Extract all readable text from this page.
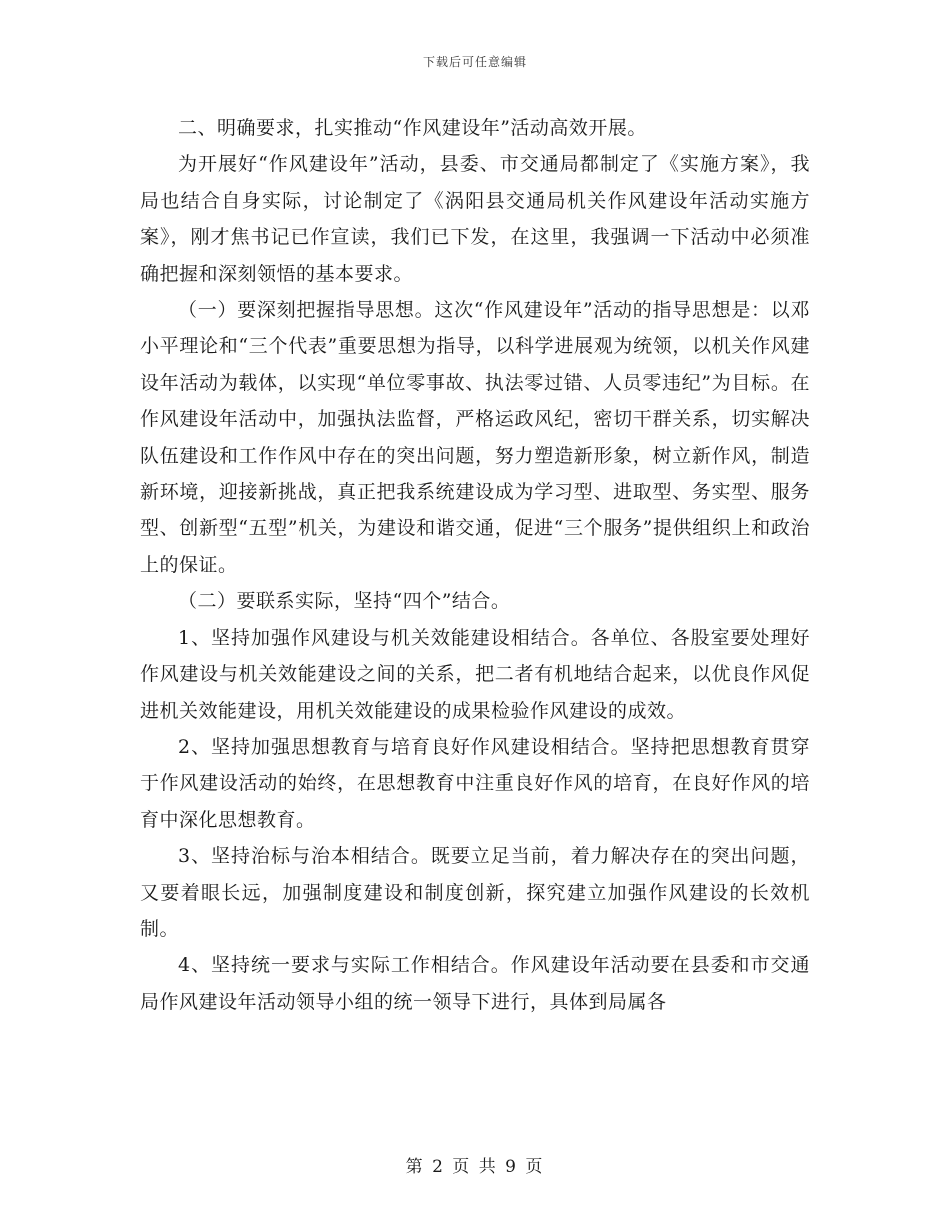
下载后可任意编辑

二、明确要求，扎实推动“作风建设年”活动高效开展。

为开展好“作风建设年”活动，县委、市交通局都制定了《实施方案》，我局也结合自身实际，讨论制定了《涡阳县交通局机关作风建设年活动实施方案》，刚才焦书记已作宣读，我们已下发，在这里，我强调一下活动中必须准确把握和深刻领悟的基本要求。

（一）要深刻把握指导思想。这次“作风建设年”活动的指导思想是：以邓小平理论和“三个代表”重要思想为指导，以科学进展观为统领，以机关作风建设年活动为载体，以实现“单位零事故、执法零过错、人员零违纪”为目标。在作风建设年活动中，加强执法监督，严格运政风纪，密切干群关系，切实解决队伍建设和工作作风中存在的突出问题，努力塑造新形象，树立新作风，制造新环境，迎接新挑战，真正把我系统建设成为学习型、进取型、务实型、服务型、创新型“五型”机关，为建设和谐交通，促进“三个服务”提供组织上和政治上的保证。

（二）要联系实际，坚持“四个”结合。

1、坚持加强作风建设与机关效能建设相结合。各单位、各股室要处理好作风建设与机关效能建设之间的关系，把二者有机地结合起来，以优良作风促进机关效能建设，用机关效能建设的成果检验作风建设的成效。

2、坚持加强思想教育与培育良好作风建设相结合。坚持把思想教育贯穿于作风建设活动的始终，在思想教育中注重良好作风的培育，在良好作风的培育中深化思想教育。

3、坚持治标与治本相结合。既要立足当前，着力解决存在的突出问题，又要着眼长远，加强制度建设和制度创新，探究建立加强作风建设的长效机制。

4、坚持统一要求与实际工作相结合。作风建设年活动要在县委和市交通局作风建设年活动领导小组的统一领导下进行，具体到局属各

第 2 页 共 9 页
